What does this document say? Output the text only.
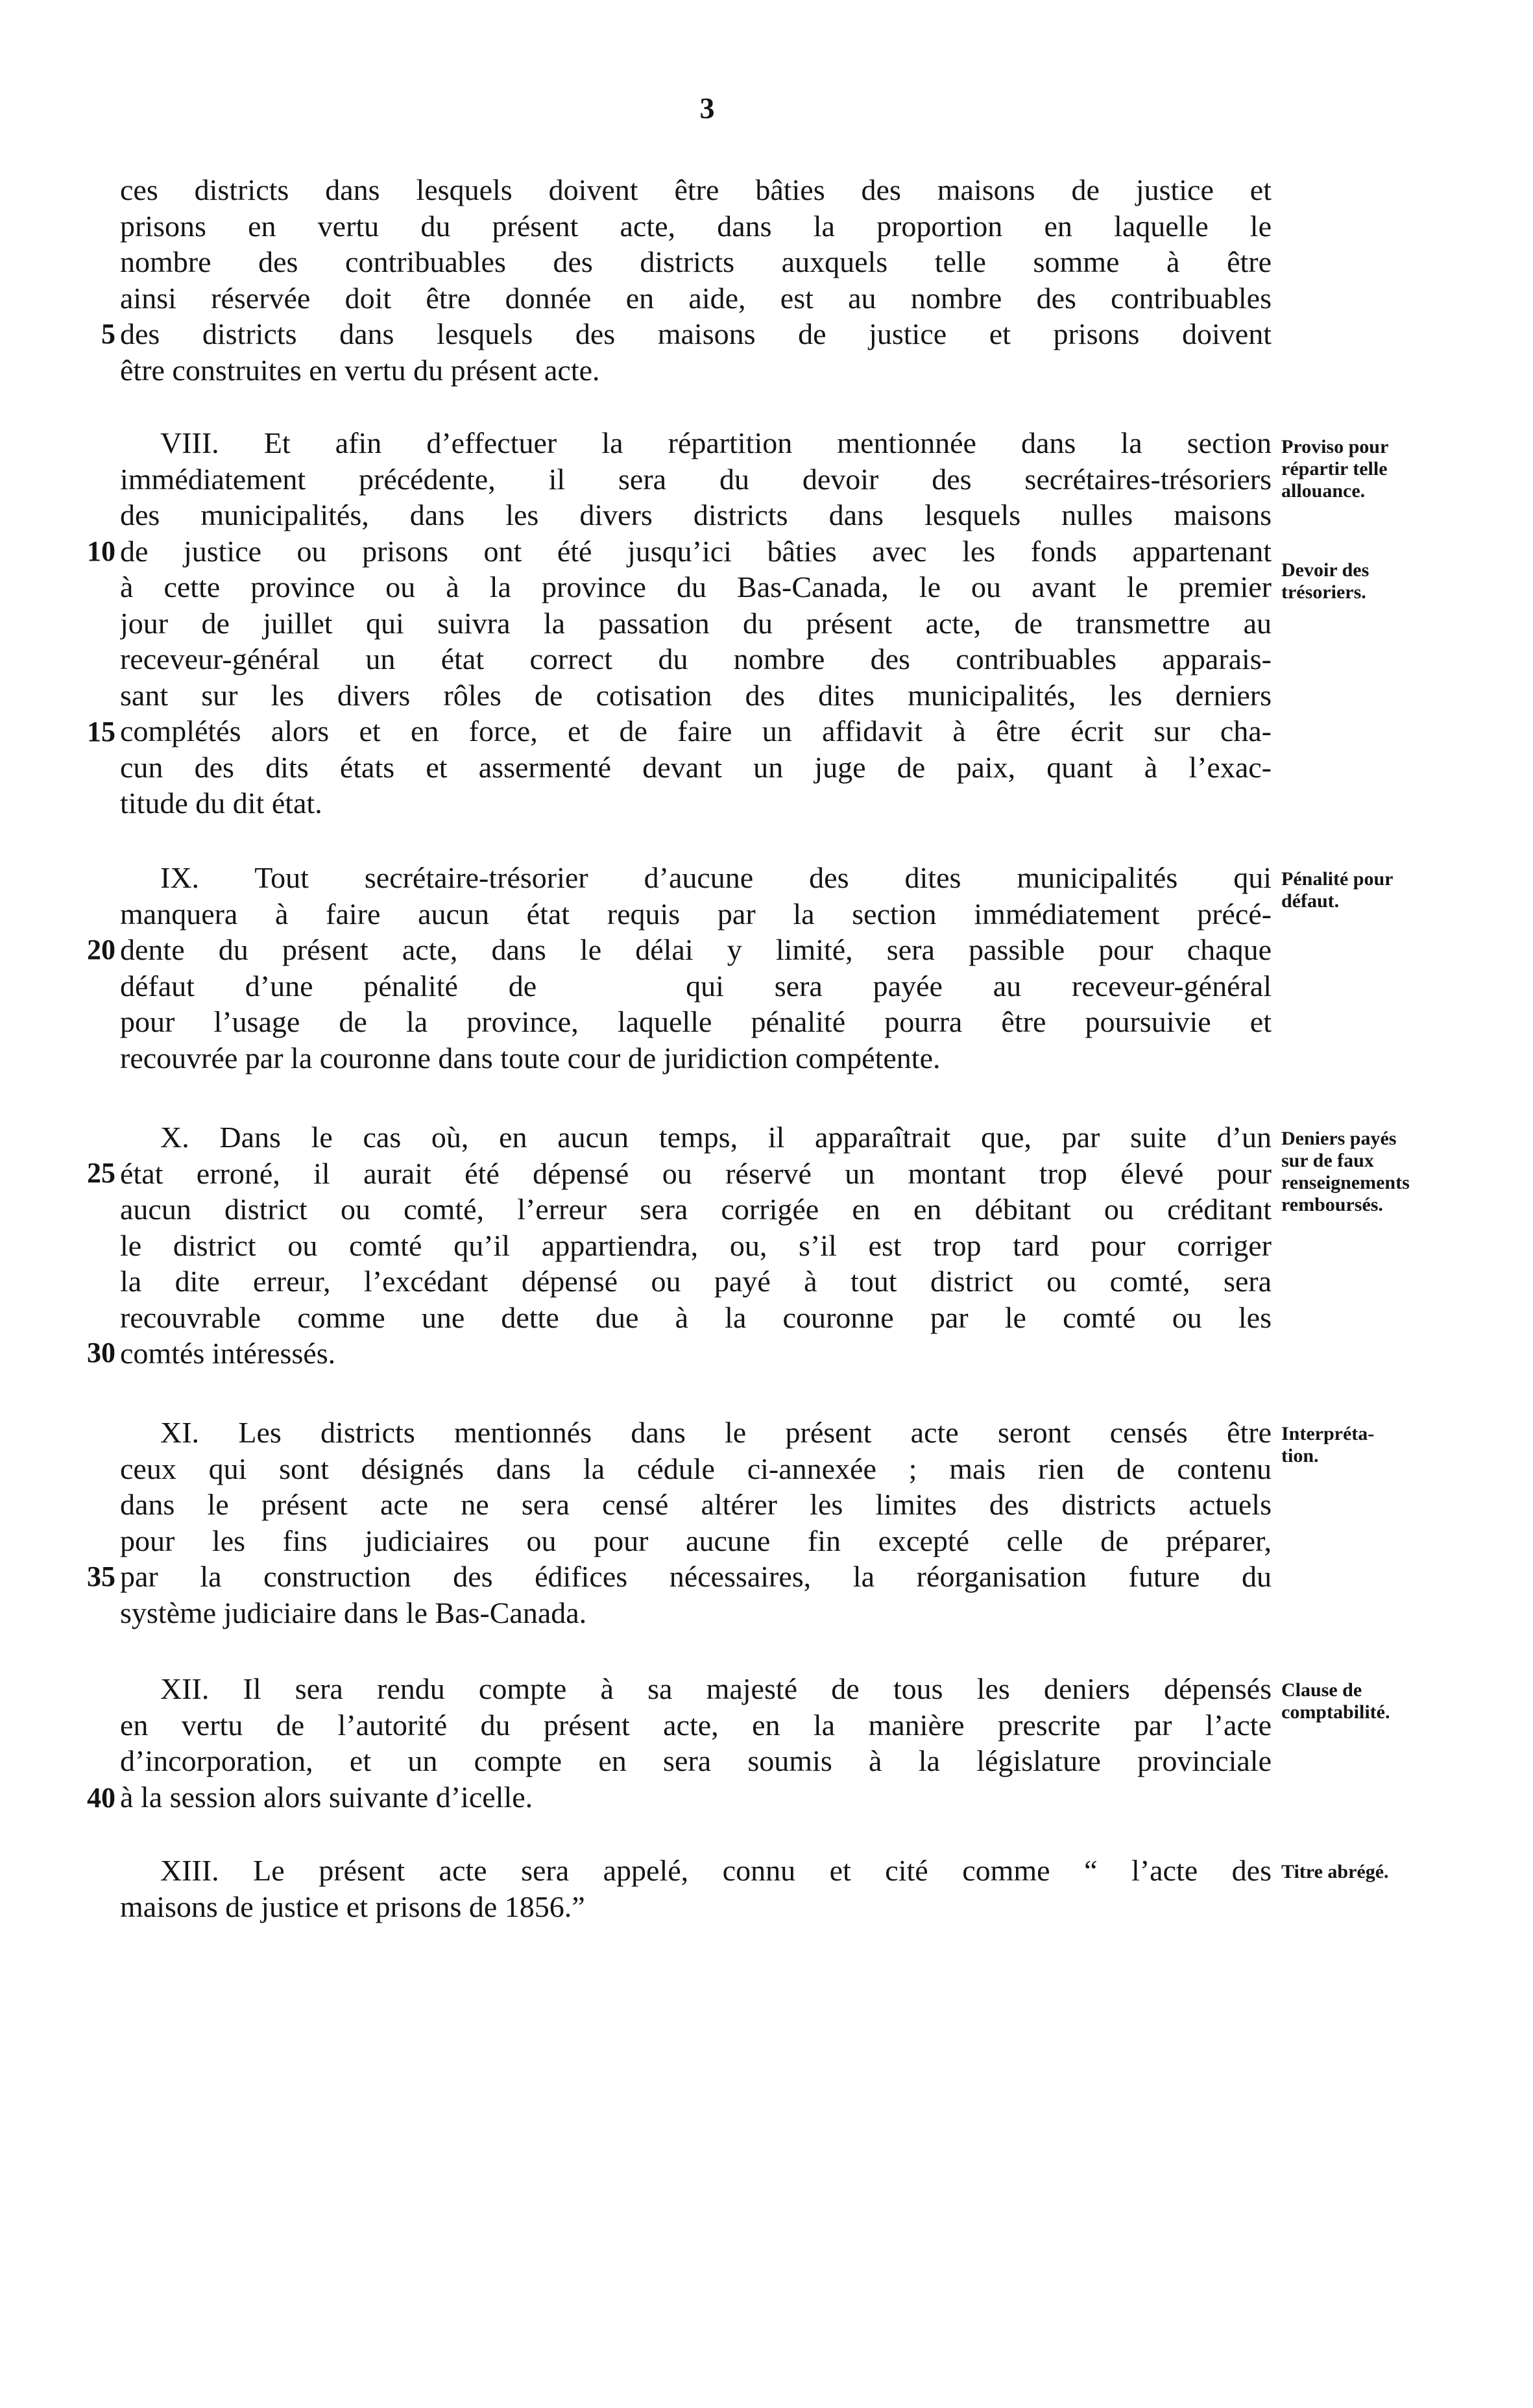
3
ces districts dans lesquels doivent être bâties des maisons de justice et
prisons en vertu du présent acte, dans la proportion en laquelle le
nombre des contribuables des districts auxquels telle somme à être
ainsi réservée doit être donnée en aide, est au nombre des contribuables
des districts dans lesquels des maisons de justice et prisons doivent
être construites en vertu du présent acte.
VIII. Et afin d’effectuer la répartition mentionnée dans la section
immédiatement précédente, il sera du devoir des secrétaires-trésoriers
des municipalités, dans les divers districts dans lesquels nulles maisons
de justice ou prisons ont été jusqu’ici bâties avec les fonds appartenant
à cette province ou à la province du Bas-Canada, le ou avant le premier
jour de juillet qui suivra la passation du présent acte, de transmettre au
receveur-général un état correct du nombre des contribuables apparais-
sant sur les divers rôles de cotisation des dites municipalités, les derniers
complétés alors et en force, et de faire un affidavit à être écrit sur cha-
cun des dits états et assermenté devant un juge de paix, quant à l’exac-
titude du dit état.
IX. Tout secrétaire-trésorier d’aucune des dites municipalités qui
manquera à faire aucun état requis par la section immédiatement précé-
dente du présent acte, dans le délai y limité, sera passible pour chaque
défaut d’une pénalité de	qui sera payée au receveur-général
pour l’usage de la province, laquelle pénalité pourra être poursuivie et
recouvrée par la couronne dans toute cour de juridiction compétente.
X. Dans le cas où, en aucun temps, il apparaîtrait que, par suite d’un
état erroné, il aurait été dépensé ou réservé un montant trop élevé pour
aucun district ou comté, l’erreur sera corrigée en en débitant ou créditant
le district ou comté qu’il appartiendra, ou, s’il est trop tard pour corriger
la dite erreur, l’excédant dépensé ou payé à tout district ou comté, sera
recouvrable comme une dette due à la couronne par le comté ou les
comtés intéressés.
XI. Les districts mentionnés dans le présent acte seront censés être
ceux qui sont désignés dans la cédule ci-annexée ; mais rien de contenu
dans le présent acte ne sera censé altérer les limites des districts actuels
pour les fins judiciaires ou pour aucune fin excepté celle de préparer,
par la construction des édifices nécessaires, la réorganisation future du
système judiciaire dans le Bas-Canada.
XII. Il sera rendu compte à sa majesté de tous les deniers dépensés
en vertu de l’autorité du présent acte, en la manière prescrite par l’acte
d’incorporation, et un compte en sera soumis à la législature provinciale
à la session alors suivante d’icelle.
XIII. Le présent acte sera appelé, connu et cité comme “ l’acte des
maisons de justice et prisons de 1856.”
5
10
15
20
25
30
35
40
Proviso pour
répartir telle
allouance.
Devoir des
trésoriers.
Pénalité pour
défaut.
Deniers payés
sur de faux
renseignements
remboursés.
Interpréta-
tion.
Clause de
comptabilité.
Titre abrégé.
